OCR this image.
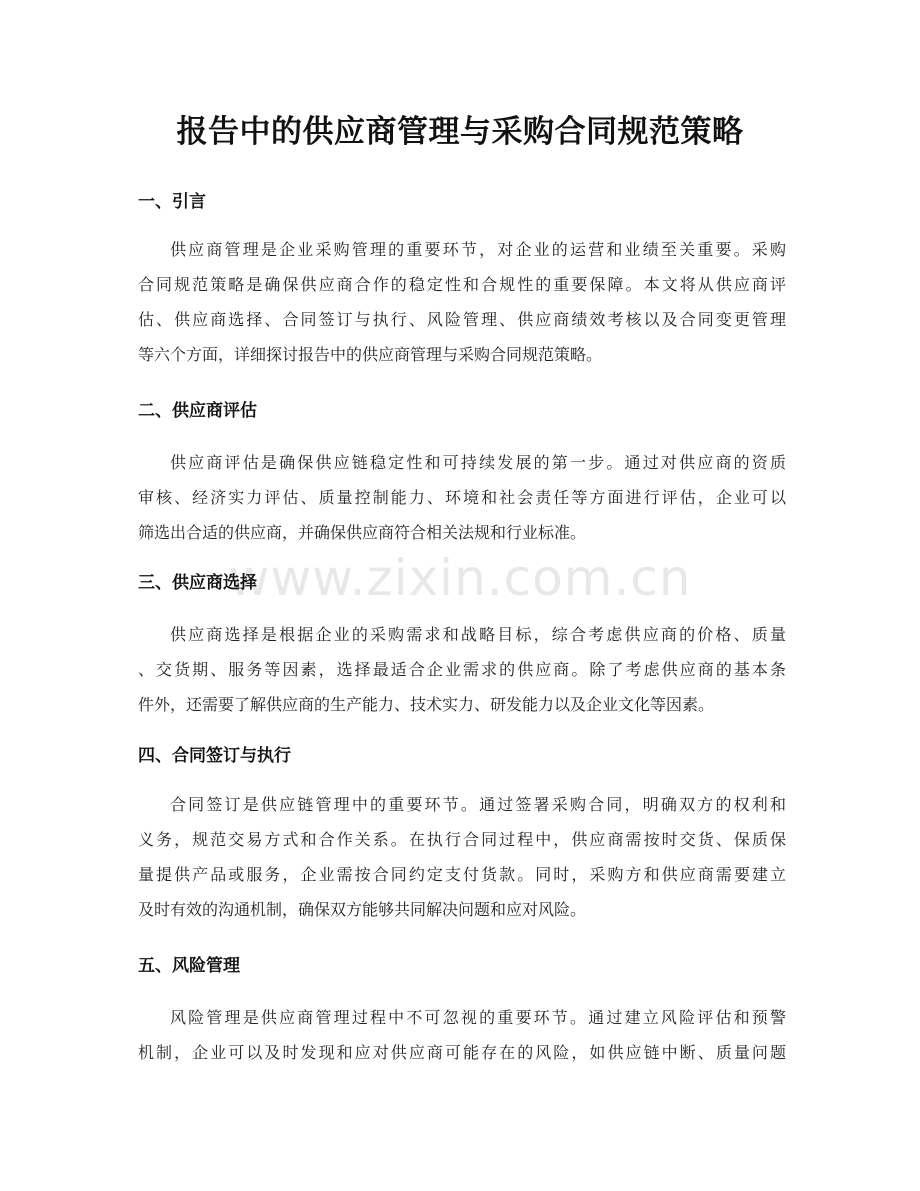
www.zixin.com.cn
报告中的供应商管理与采购合同规范策略
一、引言
供应商管理是企业采购管理的重要环节，对企业的运营和业绩至关重要。采购
合同规范策略是确保供应商合作的稳定性和合规性的重要保障。本文将从供应商评
估、供应商选择、合同签订与执行、风险管理、供应商绩效考核以及合同变更管理
等六个方面，详细探讨报告中的供应商管理与采购合同规范策略。
二、供应商评估
供应商评估是确保供应链稳定性和可持续发展的第一步。通过对供应商的资质
审核、经济实力评估、质量控制能力、环境和社会责任等方面进行评估，企业可以
筛选出合适的供应商，并确保供应商符合相关法规和行业标准。
三、供应商选择
供应商选择是根据企业的采购需求和战略目标，综合考虑供应商的价格、质量
、交货期、服务等因素，选择最适合企业需求的供应商。除了考虑供应商的基本条
件外，还需要了解供应商的生产能力、技术实力、研发能力以及企业文化等因素。
四、合同签订与执行
合同签订是供应链管理中的重要环节。通过签署采购合同，明确双方的权利和
义务，规范交易方式和合作关系。在执行合同过程中，供应商需按时交货、保质保
量提供产品或服务，企业需按合同约定支付货款。同时，采购方和供应商需要建立
及时有效的沟通机制，确保双方能够共同解决问题和应对风险。
五、风险管理
风险管理是供应商管理过程中不可忽视的重要环节。通过建立风险评估和预警
机制，企业可以及时发现和应对供应商可能存在的风险，如供应链中断、质量问题
